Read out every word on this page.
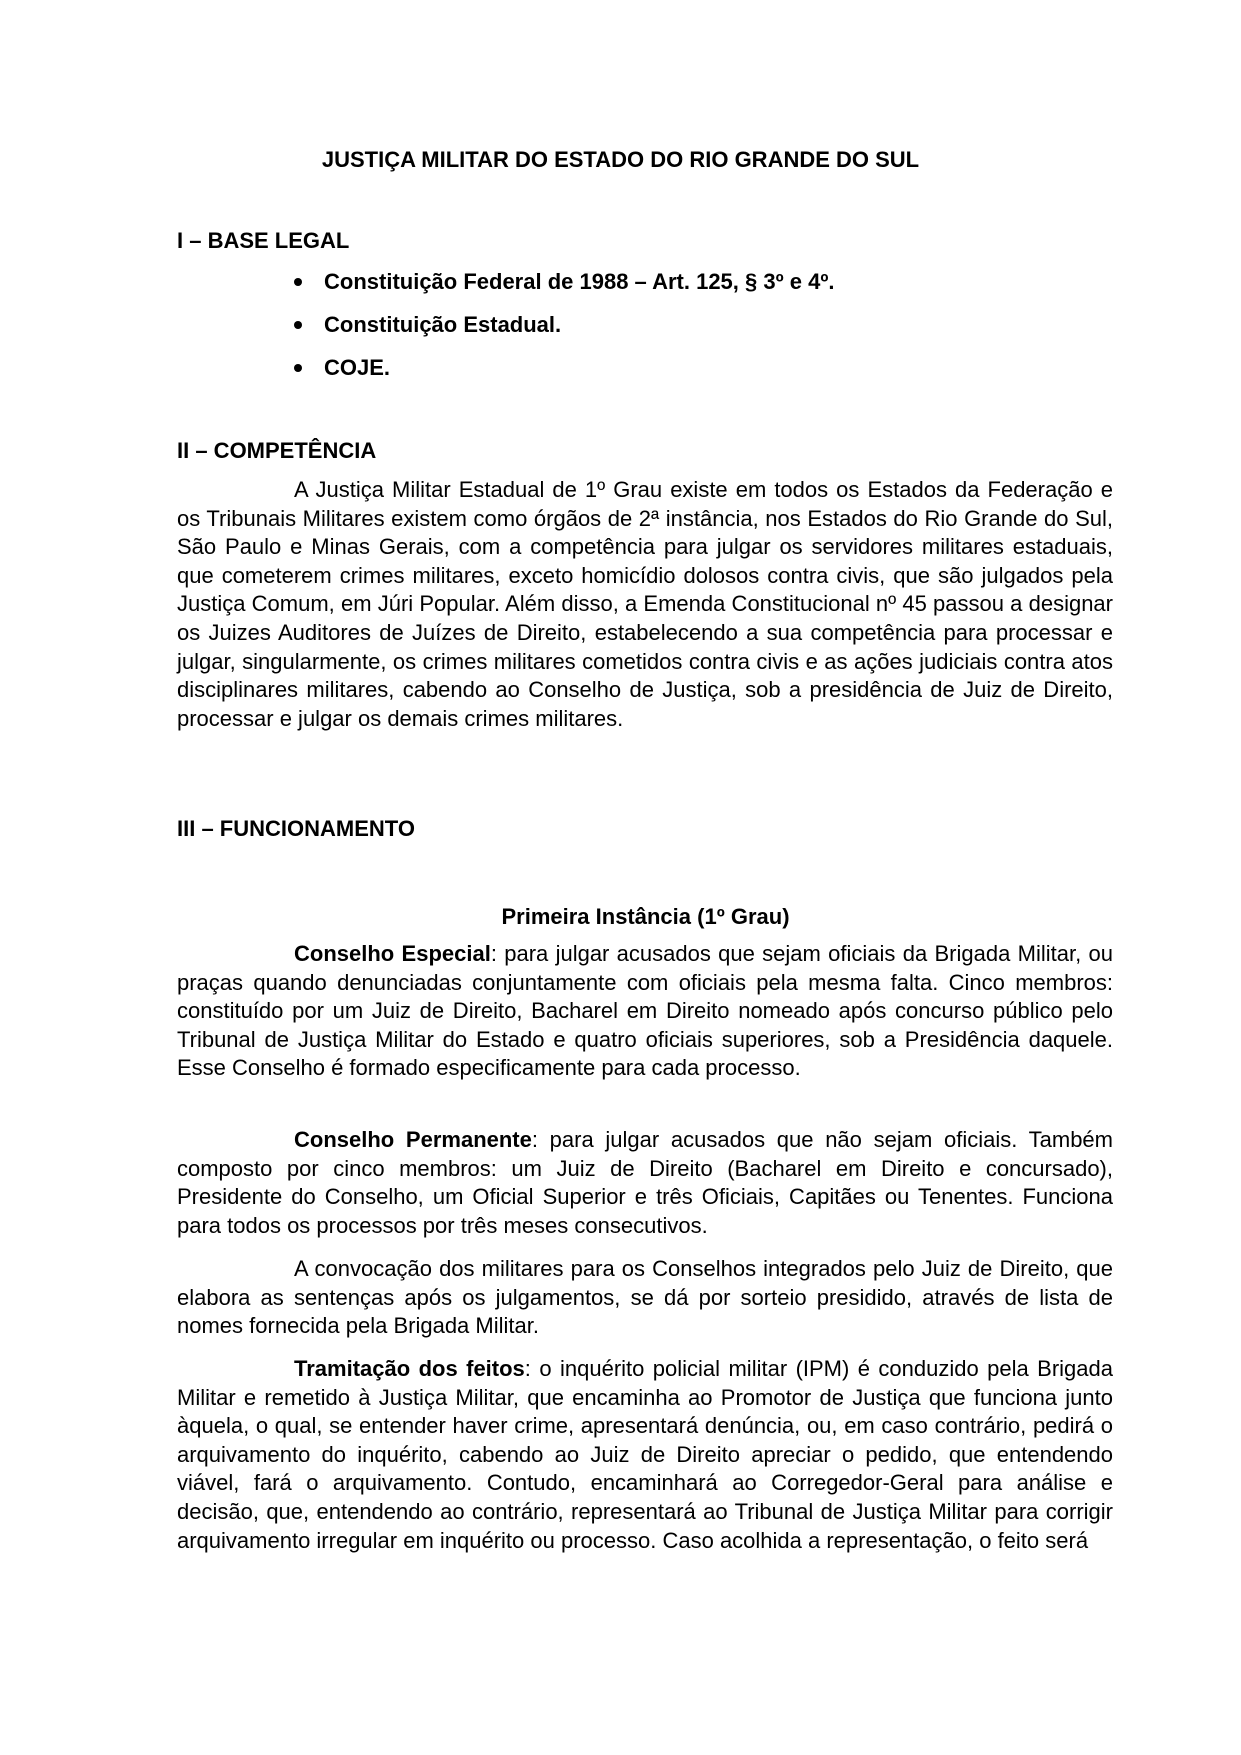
JUSTIÇA MILITAR DO ESTADO DO RIO GRANDE DO SUL
I – BASE LEGAL
Constituição Federal de 1988 – Art. 125, § 3º e 4º.
Constituição Estadual.
COJE.
II – COMPETÊNCIA

A Justiça Militar Estadual de 1º Grau existe em todos os Estados da Federação e os Tribunais Militares existem como órgãos de 2ª instância, nos Estados do Rio Grande do Sul, São Paulo e Minas Gerais, com a competência para julgar os servidores militares estaduais, que cometerem crimes militares, exceto homicídio dolosos contra civis, que são julgados pela Justiça Comum, em Júri Popular. Além disso, a Emenda Constitucional nº 45 passou a designar os Juizes Auditores de Juízes de Direito, estabelecendo a sua competência para processar e julgar, singularmente, os crimes militares cometidos contra civis e as ações judiciais contra atos disciplinares militares, cabendo ao Conselho de Justiça, sob a presidência de Juiz de Direito, processar e julgar os demais crimes militares.

III – FUNCIONAMENTO
Primeira Instância (1º Grau)

Conselho Especial: para julgar acusados que sejam oficiais da Brigada Militar, ou praças quando denunciadas conjuntamente com oficiais pela mesma falta. Cinco membros: constituído por um Juiz de Direito, Bacharel em Direito nomeado após concurso público pelo Tribunal de Justiça Militar do Estado e quatro oficiais superiores, sob a Presidência daquele. Esse Conselho é formado especificamente para cada processo.

Conselho Permanente: para julgar acusados que não sejam oficiais. Também composto por cinco membros: um Juiz de Direito (Bacharel em Direito e concursado), Presidente do Conselho, um Oficial Superior e três Oficiais, Capitães ou Tenentes. Funciona para todos os processos por três meses consecutivos.

A convocação dos militares para os Conselhos integrados pelo Juiz de Direito, que elabora as sentenças após os julgamentos, se dá por sorteio presidido, através de lista de nomes fornecida pela Brigada Militar.

Tramitação dos feitos: o inquérito policial militar (IPM) é conduzido pela Brigada Militar e remetido à Justiça Militar, que encaminha ao Promotor de Justiça que funciona junto àquela, o qual, se entender haver crime, apresentará denúncia, ou, em caso contrário, pedirá o arquivamento do inquérito, cabendo ao Juiz de Direito apreciar o pedido, que entendendo viável, fará o arquivamento. Contudo, encaminhará ao Corregedor-Geral para análise e decisão, que, entendendo ao contrário, representará ao Tribunal de Justiça Militar para corrigir arquivamento irregular em inquérito ou processo. Caso acolhida a representação, o feito será
